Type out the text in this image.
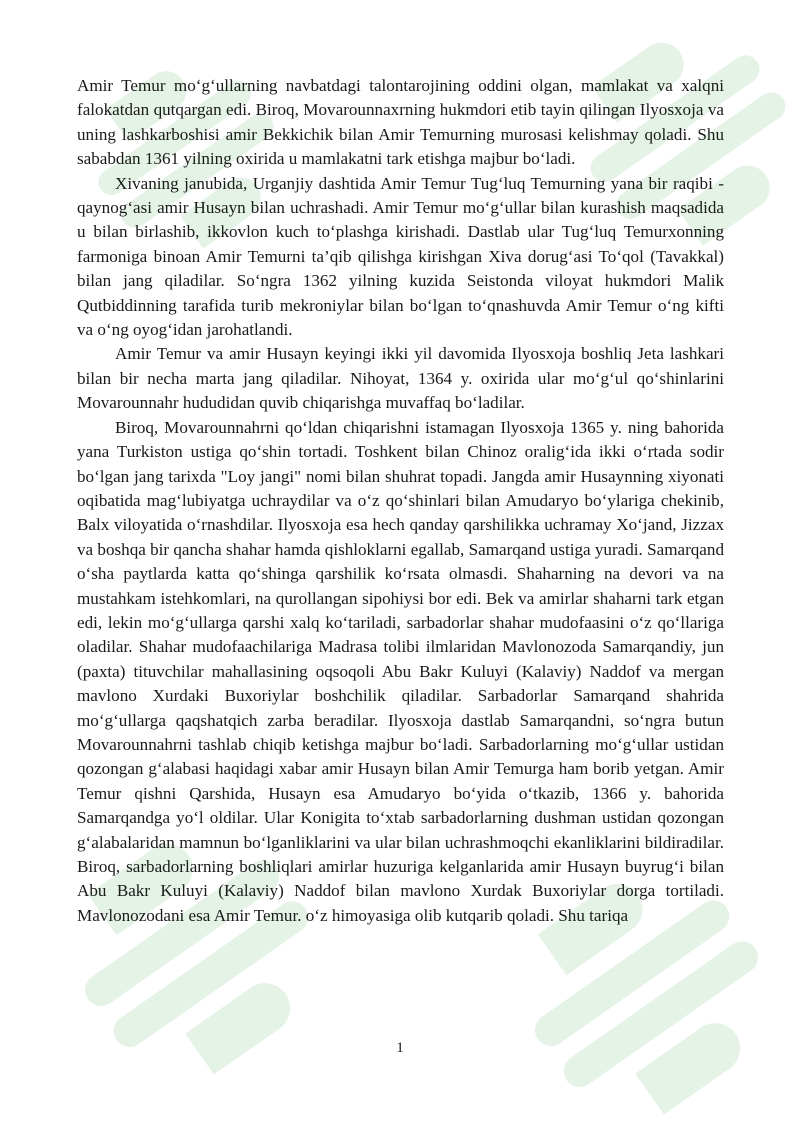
Amir Temur mo‘g‘ullarning navbatdagi talontarojining oddini olgan, mamlakat va xalqni falokatdan qutqargan edi. Biroq, Movarounnaxrning hukmdori etib tayin qilingan Ilyosxoja va uning lashkarboshisi amir Bekkichik bilan Amir Temurning murosasi kelishmay qoladi. Shu sababdan 1361 yilning oxirida u mamlakatni tark etishga majbur bo‘ladi.

Xivaning janubida, Urganjiy dashtida Amir Temur Tug‘luq Temurning yana bir raqibi - qaynog‘asi amir Husayn bilan uchrashadi. Amir Temur mo‘g‘ullar bilan kurashish maqsadida u bilan birlashib, ikkovlon kuch to‘plashga kirishadi. Dastlab ular Tug‘luq Temurxonning farmoniga binoan Amir Temurni ta’qib qilishga kirishgan Xiva dorug‘asi To‘qol (Tavakkal) bilan jang qiladilar. So‘ngra 1362 yilning kuzida Seistonda viloyat hukmdori Malik Qutbiddinning tarafida turib mekroniylar bilan bo‘lgan to‘qnashuvda Amir Temur o‘ng kifti va o‘ng oyog‘idan jarohatlandi.

Amir Temur va amir Husayn keyingi ikki yil davomida Ilyosxoja boshliq Jeta lashkari bilan bir necha marta jang qiladilar. Nihoyat, 1364 y. oxirida ular mo‘g‘ul qo‘shinlarini Movarounnahr hududidan quvib chiqarishga muvaffaq bo‘ladilar.

Biroq, Movarounnahrni qo‘ldan chiqarishni istamagan Ilyosxoja 1365 y. ning bahorida yana Turkiston ustiga qo‘shin tortadi. Toshkent bilan Chinoz oralig‘ida ikki o‘rtada sodir bo‘lgan jang tarixda "Loy jangi" nomi bilan shuhrat topadi. Jangda amir Husaynning xiyonati oqibatida mag‘lubiyatga uchraydilar va o‘z qo‘shinlari bilan Amudaryo bo‘ylariga chekinib, Balx viloyatida o‘rnashdilar. Ilyosxoja esa hech qanday qarshilikka uchramay Xo‘jand, Jizzax va boshqa bir qancha shahar hamda qishloklarni egallab, Samarqand ustiga yuradi. Samarqand o‘sha paytlarda katta qo‘shinga qarshilik ko‘rsata olmasdi. Shaharning na devori va na mustahkam istehkomlari, na qurollangan sipohiysi bor edi. Bek va amirlar shaharni tark etgan edi, lekin mo‘g‘ullarga qarshi xalq ko‘tariladi, sarbadorlar shahar mudofaasini o‘z qo‘llariga oladilar. Shahar mudofaachilariga Madrasa tolibi ilmlaridan Mavlonozoda Samarqandiy, jun (paxta) tituvchilar mahallasining oqsoqoli Abu Bakr Kuluyi (Kalaviy) Naddof va mergan mavlono Xurdaki Buxoriylar boshchilik qiladilar. Sarbadorlar Samarqand shahrida mo‘g‘ullarga qaqshatqich zarba beradilar. Ilyosxoja dastlab Samarqandni, so‘ngra butun Movarounnahrni tashlab chiqib ketishga majbur bo‘ladi. Sarbadorlarning mo‘g‘ullar ustidan qozongan g‘alabasi haqidagi xabar amir Husayn bilan Amir Temurga ham borib yetgan. Amir Temur qishni Qarshida, Husayn esa Amudaryo bo‘yida o‘tkazib, 1366 y. bahorida Samarqandga yo‘l oldilar. Ular Konigita to‘xtab sarbadorlarning dushman ustidan qozongan g‘alabalaridan mamnun bo‘lganliklarini va ular bilan uchrashmoqchi ekanliklarini bildiradilar. Biroq, sarbadorlarning boshliqlari amirlar huzuriga kelganlarida amir Husayn buyrug‘i bilan Abu Bakr Kuluyi (Kalaviy) Naddof bilan mavlono Xurdak Buxoriylar dorga tortiladi. Mavlonozodani esa Amir Temur. o‘z himoyasiga olib kutqarib qoladi. Shu tariqa

1
